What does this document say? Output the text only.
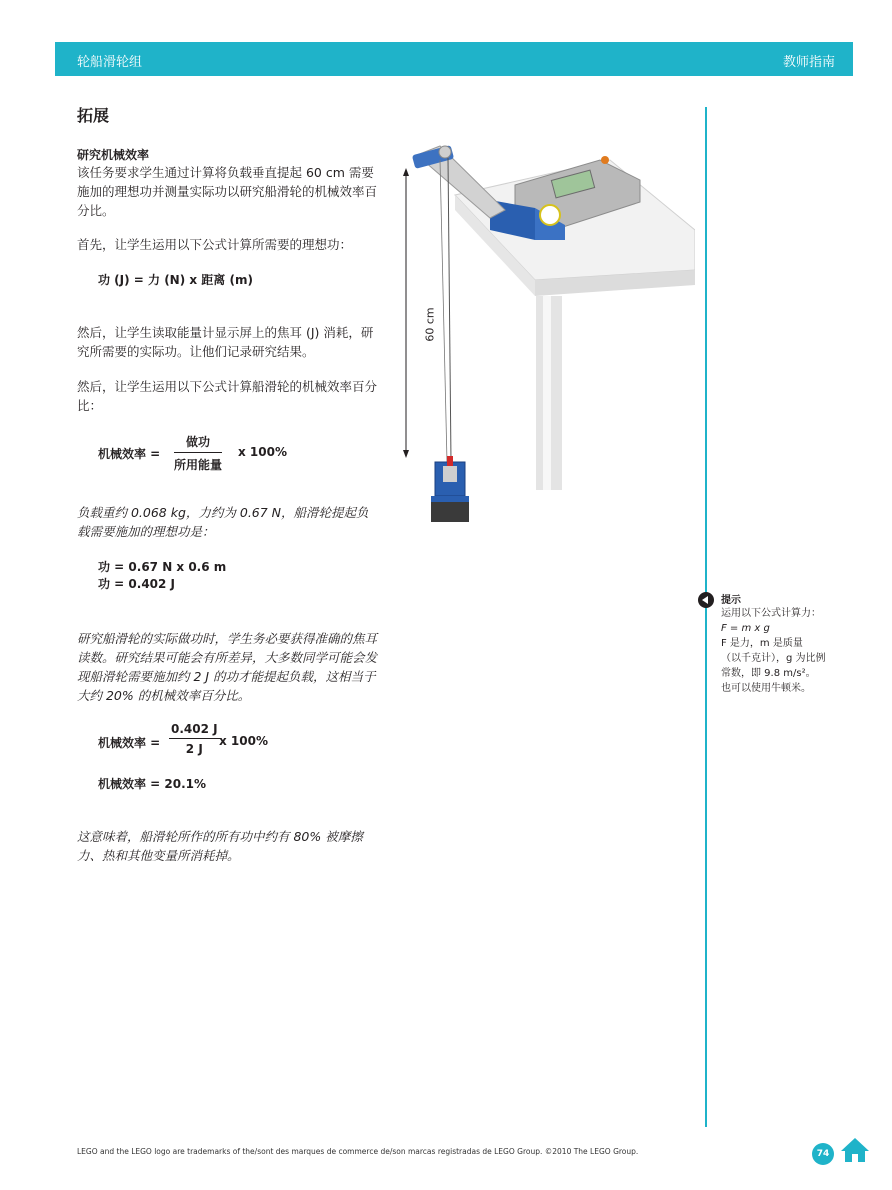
轮船滑轮组	教师指南
拓展
研究机械效率
该任务要求学生通过计算将负载垂直提起 60 cm 需要施加的理想功并测量实际功以研究船滑轮的机械效率百分比。
首先，让学生运用以下公式计算所需要的理想功：
功 (J) = 力 (N) x 距离 (m)
然后，让学生读取能量计显示屏上的焦耳 (J) 消耗，研究所需要的实际功。让他们记录研究结果。
然后，让学生运用以下公式计算船滑轮的机械效率百分比：
机械效率 =
做功
所用能量
x 100%
负载重约 0.068 kg，力约为 0.67 N，船滑轮提起负载需要施加的理想功是：
功 = 0.67 N x 0.6 m
功 = 0.402 J
研究船滑轮的实际做功时，学生务必要获得准确的焦耳读数。研究结果可能会有所差异，大多数同学可能会发现船滑轮需要施加约 2 J 的功才能提起负载，这相当于大约 20% 的机械效率百分比。
机械效率 = $\frac{0.402 J}{2 J}$ x 100%
机械效率 = 20.1%
这意味着，船滑轮所作的所有功中约有 80% 被摩擦力、热和其他变量所消耗掉。
60 cm
提示
运用以下公式计算力：
F = m x g
F 是力，m 是质量
（以千克计），g 为比例
常数，即 9.8 m/s²。
也可以使用牛顿米。
LEGO and the LEGO logo are trademarks of the/sont des marques de commerce de/son marcas registradas de LEGO Group. ©2010 The LEGO Group.	74
